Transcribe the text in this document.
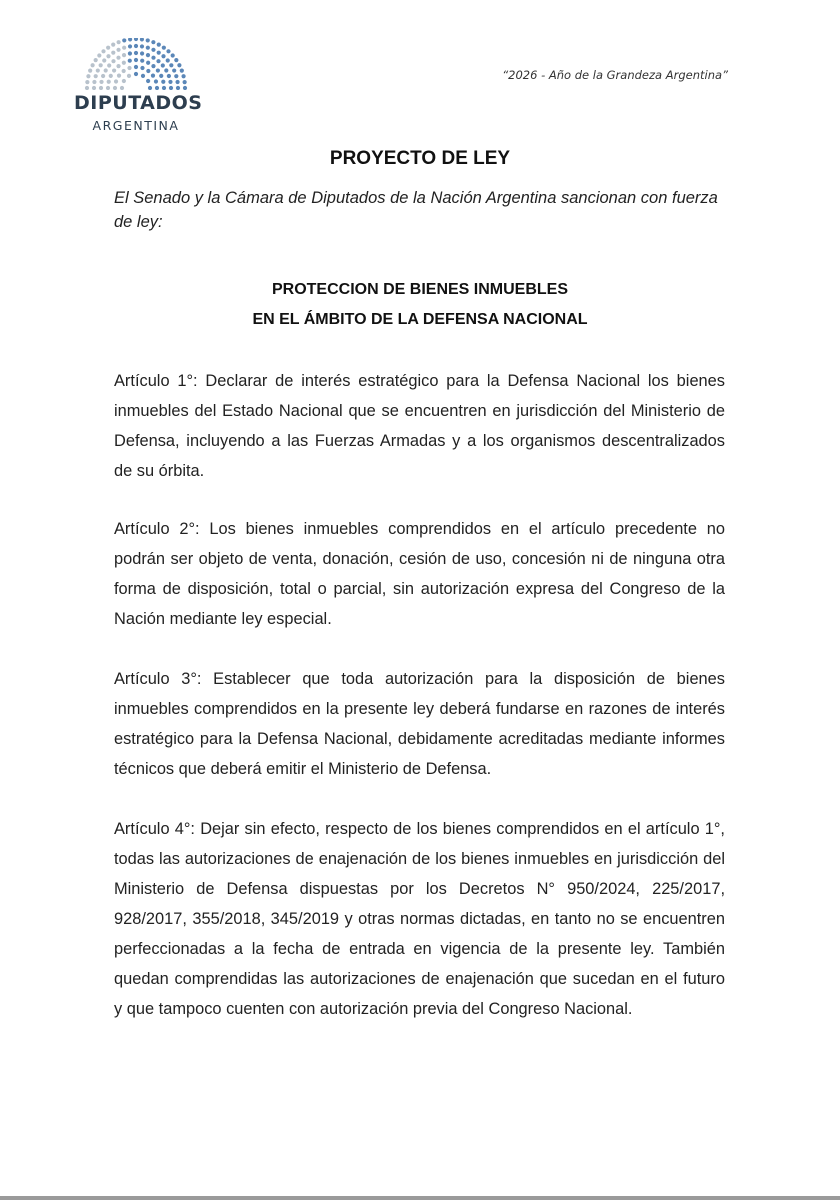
DIPUTADOS
ARGENTINA
“2026 - Año de la Grandeza Argentina”
PROYECTO DE LEY
El Senado y la Cámara de Diputados de la Nación Argentina sancionan con fuerza de ley:
PROTECCION DE BIENES INMUEBLES
EN EL ÁMBITO DE LA DEFENSA NACIONAL
Artículo 1°: Declarar de interés estratégico para la Defensa Nacional los bienes inmuebles del Estado Nacional que se encuentren en jurisdicción del Ministerio de Defensa, incluyendo a las Fuerzas Armadas y a los organismos descentralizados de su órbita.
Artículo 2°: Los bienes inmuebles comprendidos en el artículo precedente no podrán ser objeto de venta, donación, cesión de uso, concesión ni de ninguna otra forma de disposición, total o parcial, sin autorización expresa del Congreso de la Nación mediante ley especial.
Artículo 3°: Establecer que toda autorización para la disposición de bienes inmuebles comprendidos en la presente ley deberá fundarse en razones de interés estratégico para la Defensa Nacional, debidamente acreditadas mediante informes técnicos que deberá emitir el Ministerio de Defensa.
Artículo 4°: Dejar sin efecto, respecto de los bienes comprendidos en el artículo 1°, todas las autorizaciones de enajenación de los bienes inmuebles en jurisdicción del Ministerio de Defensa dispuestas por los Decretos N° 950/2024, 225/2017, 928/2017, 355/2018, 345/2019 y otras normas dictadas, en tanto no se encuentren perfeccionadas a la fecha de entrada en vigencia de la presente ley. También quedan comprendidas las autorizaciones de enajenación que sucedan en el futuro y que tampoco cuenten con autorización previa del Congreso Nacional.
